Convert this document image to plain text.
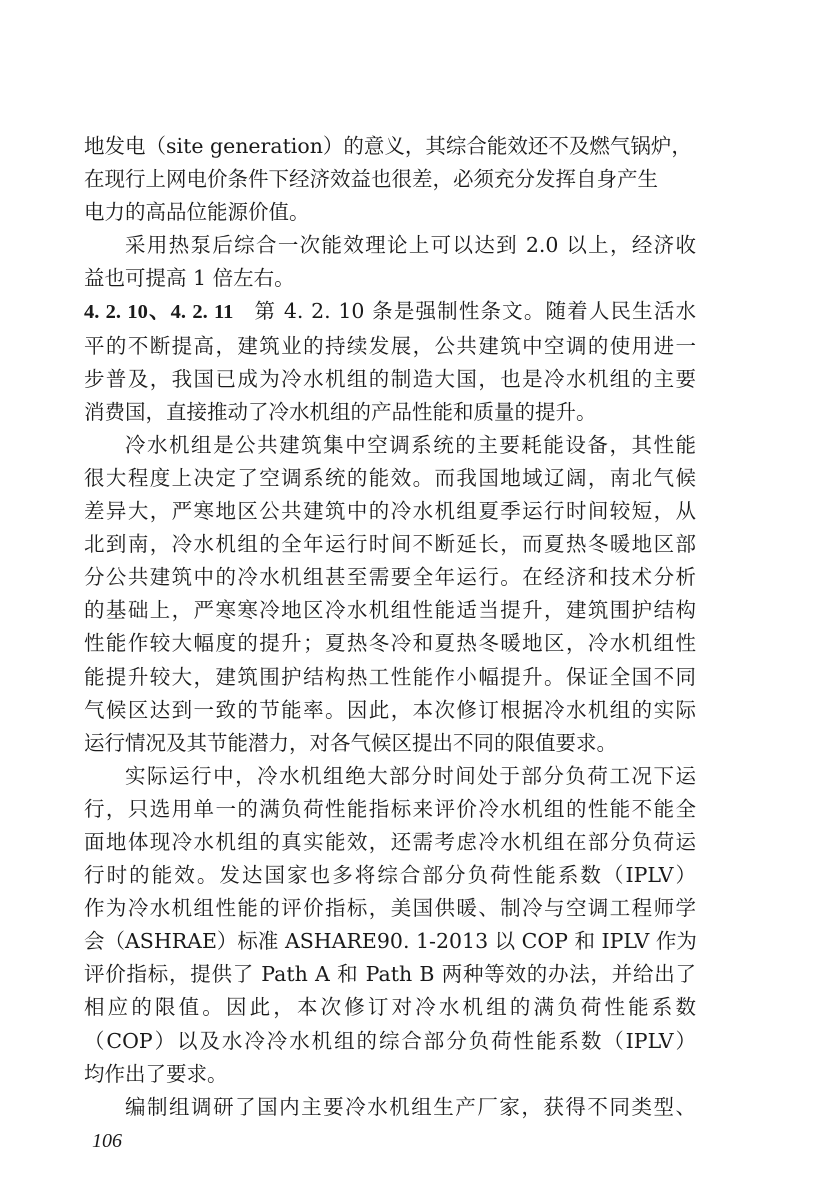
地发电（site generation）的意义，其综合能效还不及燃气锅炉，
在现行上网电价条件下经济效益也很差，必须充分发挥自身产生
电力的高品位能源价值。

采用热泵后综合一次能效理论上可以达到 2.0 以上，经济收
益也可提高 1 倍左右。

4. 2. 10、4. 2. 11 第 4. 2. 10 条是强制性条文。随着人民生活水
平的不断提高，建筑业的持续发展，公共建筑中空调的使用进一
步普及，我国已成为冷水机组的制造大国，也是冷水机组的主要
消费国，直接推动了冷水机组的产品性能和质量的提升。

冷水机组是公共建筑集中空调系统的主要耗能设备，其性能
很大程度上决定了空调系统的能效。而我国地域辽阔，南北气候
差异大，严寒地区公共建筑中的冷水机组夏季运行时间较短，从
北到南，冷水机组的全年运行时间不断延长，而夏热冬暖地区部
分公共建筑中的冷水机组甚至需要全年运行。在经济和技术分析
的基础上，严寒寒冷地区冷水机组性能适当提升，建筑围护结构
性能作较大幅度的提升；夏热冬冷和夏热冬暖地区，冷水机组性
能提升较大，建筑围护结构热工性能作小幅提升。保证全国不同
气候区达到一致的节能率。因此，本次修订根据冷水机组的实际
运行情况及其节能潜力，对各气候区提出不同的限值要求。

实际运行中，冷水机组绝大部分时间处于部分负荷工况下运
行，只选用单一的满负荷性能指标来评价冷水机组的性能不能全
面地体现冷水机组的真实能效，还需考虑冷水机组在部分负荷运
行时的能效。发达国家也多将综合部分负荷性能系数（IPLV）
作为冷水机组性能的评价指标，美国供暖、制冷与空调工程师学
会（ASHRAE）标准 ASHARE90. 1-2013 以 COP 和 IPLV 作为
评价指标，提供了 Path A 和 Path B 两种等效的办法，并给出了
相应的限值。因此，本次修订对冷水机组的满负荷性能系数
（COP）以及水冷冷水机组的综合部分负荷性能系数（IPLV）
均作出了要求。

编制组调研了国内主要冷水机组生产厂家，获得不同类型、

106
